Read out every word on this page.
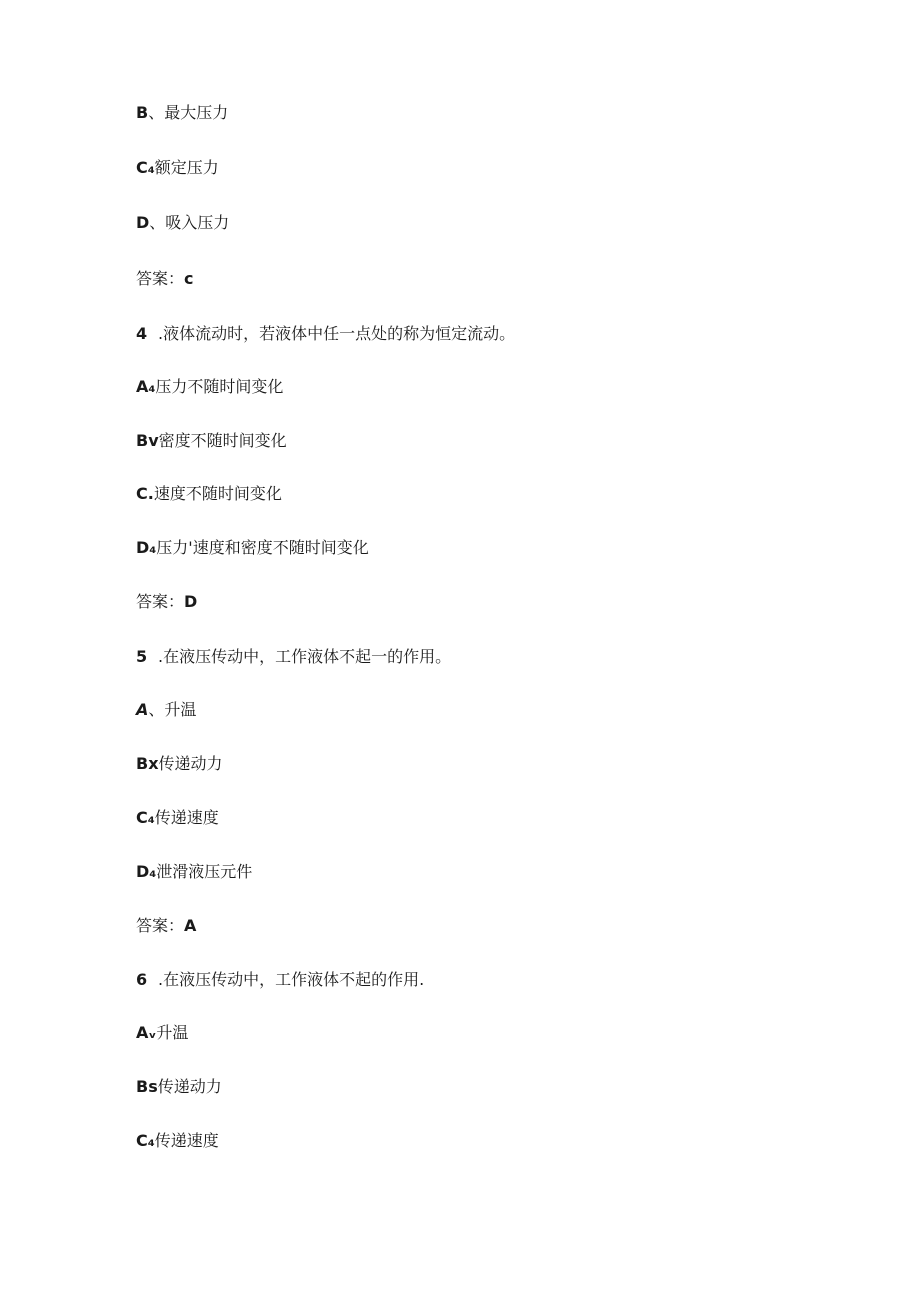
B、最大压力
C₄额定压力
D、吸入压力
答案：c
4 .液体流动时，若液体中任一点处的称为恒定流动。
A₄压力不随时间变化
Bv密度不随时间变化
C.速度不随时间变化
D₄压力'速度和密度不随时间变化
答案：D
5 .在液压传动中，工作液体不起一的作用。
A、升温
Bx传递动力
C₄传递速度
D₄泄滑液压元件
答案：A
6 .在液压传动中，工作液体不起的作用.
Aᵥ升温
Bs传递动力
C₄传递速度
